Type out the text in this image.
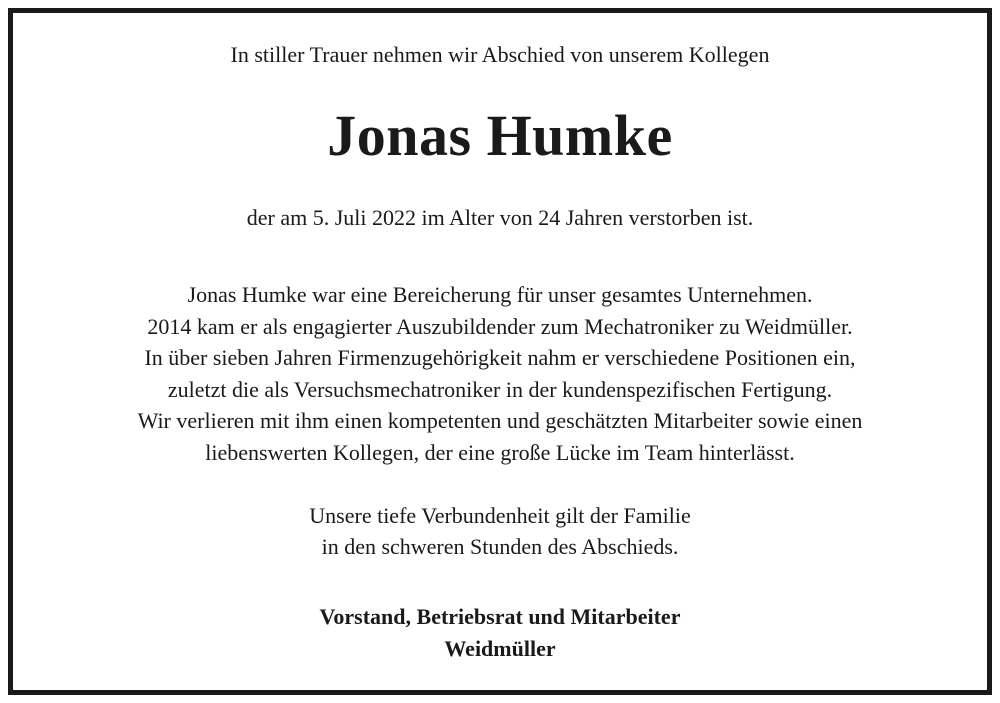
In stiller Trauer nehmen wir Abschied von unserem Kollegen
Jonas Humke
der am 5. Juli 2022 im Alter von 24 Jahren verstorben ist.
Jonas Humke war eine Bereicherung für unser gesamtes Unternehmen.
2014 kam er als engagierter Auszubildender zum Mechatroniker zu Weidmüller.
In über sieben Jahren Firmenzugehörigkeit nahm er verschiedene Positionen ein,
zuletzt die als Versuchsmechatroniker in der kundenspezifischen Fertigung.
Wir verlieren mit ihm einen kompetenten und geschätzten Mitarbeiter sowie einen
liebenswerten Kollegen, der eine große Lücke im Team hinterlässt.
Unsere tiefe Verbundenheit gilt der Familie
in den schweren Stunden des Abschieds.
Vorstand, Betriebsrat und Mitarbeiter
Weidmüller
